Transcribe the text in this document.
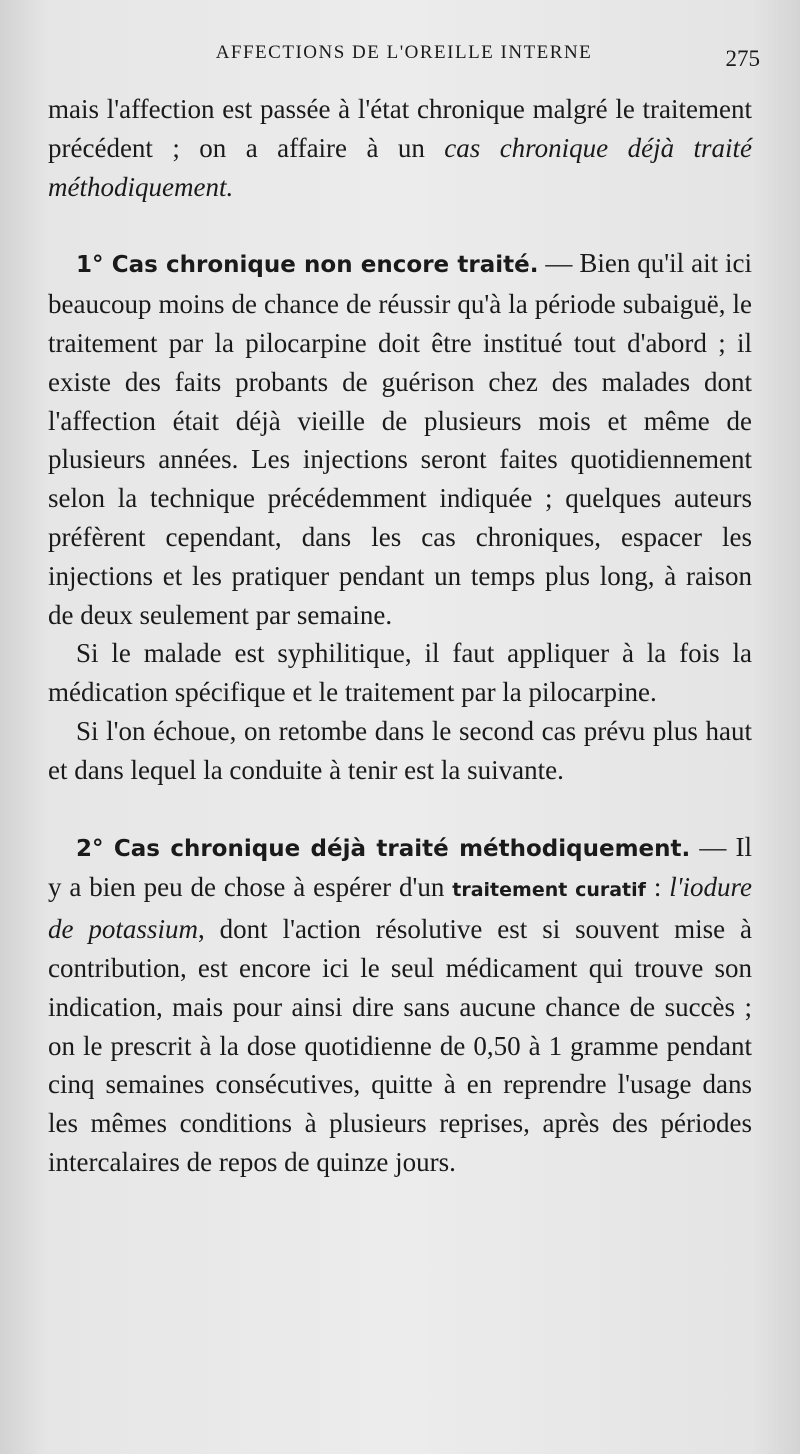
AFFECTIONS DE L'OREILLE INTERNE	275

mais l'affection est passée à l'état chronique malgré le traitement précédent ; on a affaire à un cas chronique déjà traité méthodiquement.

1° Cas chronique non encore traité. — Bien qu'il ait ici beaucoup moins de chance de réussir qu'à la période subaiguë, le traitement par la pilocarpine doit être institué tout d'abord ; il existe des faits probants de guérison chez des malades dont l'affection était déjà vieille de plusieurs mois et même de plusieurs années. Les injections seront faites quotidiennement selon la technique précédemment indiquée ; quelques auteurs préfèrent cependant, dans les cas chroniques, espacer les injections et les pratiquer pendant un temps plus long, à raison de deux seulement par semaine.

Si le malade est syphilitique, il faut appliquer à la fois la médication spécifique et le traitement par la pilocarpine.

Si l'on échoue, on retombe dans le second cas prévu plus haut et dans lequel la conduite à tenir est la suivante.

2° Cas chronique déjà traité méthodiquement. — Il y a bien peu de chose à espérer d'un traitement curatif : l'iodure de potassium, dont l'action résolutive est si souvent mise à contribution, est encore ici le seul médicament qui trouve son indication, mais pour ainsi dire sans aucune chance de succès ; on le prescrit à la dose quotidienne de 0,50 à 1 gramme pendant cinq semaines consécutives, quitte à en reprendre l'usage dans les mêmes conditions à plusieurs reprises, après des périodes intercalaires de repos de quinze jours.
